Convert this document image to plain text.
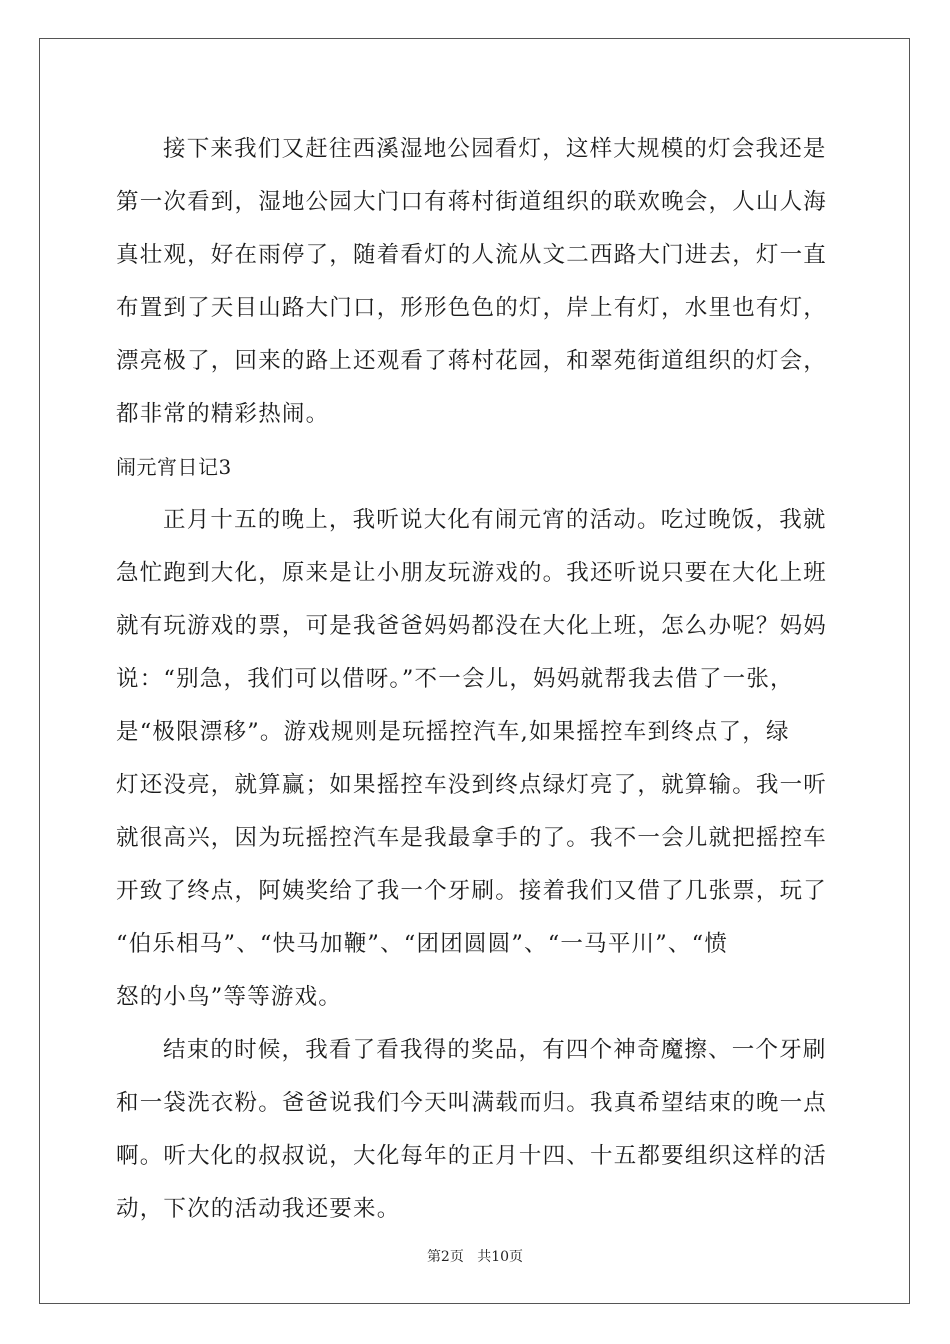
接下来我们又赶往西溪湿地公园看灯，这样大规模的灯会我还是
第一次看到，湿地公园大门口有蒋村街道组织的联欢晚会，人山人海
真壮观，好在雨停了，随着看灯的人流从文二西路大门进去，灯一直
布置到了天目山路大门口，形形色色的灯，岸上有灯，水里也有灯，
漂亮极了，回来的路上还观看了蒋村花园，和翠苑街道组织的灯会，
都非常的精彩热闹。

闹元宵日记3

正月十五的晚上，我听说大化有闹元宵的活动。吃过晚饭，我就
急忙跑到大化，原来是让小朋友玩游戏的。我还听说只要在大化上班
就有玩游戏的票，可是我爸爸妈妈都没在大化上班，怎么办呢？妈妈
说：“别急，我们可以借呀。”不一会儿，妈妈就帮我去借了一张，
是“极限漂移”。游戏规则是玩摇控汽车,如果摇控车到终点了，绿
灯还没亮，就算赢；如果摇控车没到终点绿灯亮了，就算输。我一听
就很高兴，因为玩摇控汽车是我最拿手的了。我不一会儿就把摇控车
开致了终点，阿姨奖给了我一个牙刷。接着我们又借了几张票，玩了
“伯乐相马”、“快马加鞭”、“团团圆圆”、“一马平川”、“愤
怒的小鸟”等等游戏。

结束的时候，我看了看我得的奖品，有四个神奇魔擦、一个牙刷
和一袋洗衣粉。爸爸说我们今天叫满载而归。我真希望结束的晚一点
啊。听大化的叔叔说，大化每年的正月十四、十五都要组织这样的活
动，下次的活动我还要来。

第2页 共10页
